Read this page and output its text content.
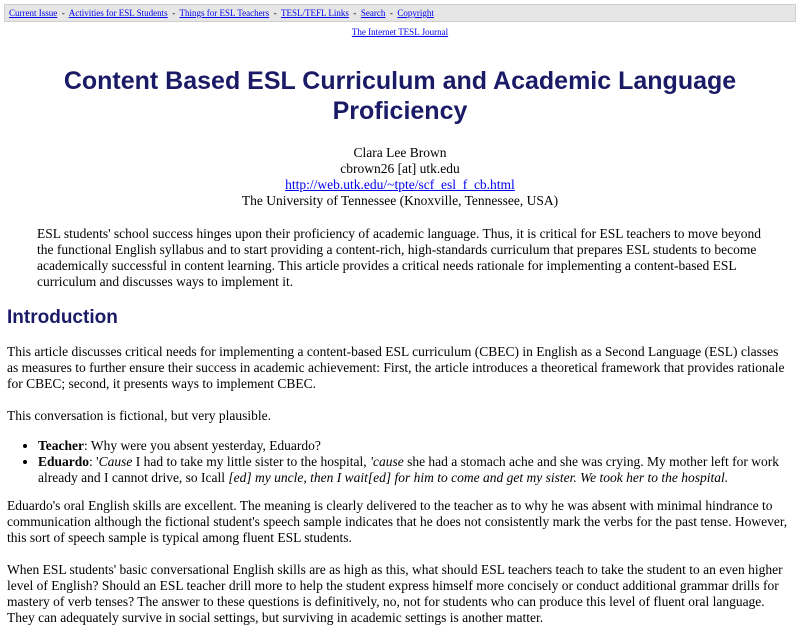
Current Issue  -  Activities for ESL Students  -  Things for ESL Teachers  -  TESL/TEFL Links  -  Search  -  Copyright
The Internet TESL Journal
Content Based ESL Curriculum and Academic Language Proficiency
Clara Lee Brown
cbrown26 [at] utk.edu
http://web.utk.edu/~tpte/scf_esl_f_cb.html
The University of Tennessee (Knoxville, Tennessee, USA)
ESL students' school success hinges upon their proficiency of academic language. Thus, it is critical for ESL teachers to move beyond the functional English syllabus and to start providing a content-rich, high-standards curriculum that prepares ESL students to become academically successful in content learning. This article provides a critical needs rationale for implementing a content-based ESL curriculum and discusses ways to implement it.
Introduction

This article discusses critical needs for implementing a content-based ESL curriculum (CBEC) in English as a Second Language (ESL) classes as measures to further ensure their success in academic achievement: First, the article introduces a theoretical framework that provides rationale for CBEC; second, it presents ways to implement CBEC.

This conversation is fictional, but very plausible.

• Teacher: Why were you absent yesterday, Eduardo?
• Eduardo: 'Cause I had to take my little sister to the hospital, 'cause she had a stomach ache and she was crying. My mother left for work already and I cannot drive, so Icall [ed] my uncle, then I wait[ed] for him to come and get my sister. We took her to the hospital.

Eduardo's oral English skills are excellent. The meaning is clearly delivered to the teacher as to why he was absent with minimal hindrance to communication although the fictional student's speech sample indicates that he does not consistently mark the verbs for the past tense. However, this sort of speech sample is typical among fluent ESL students.

When ESL students' basic conversational English skills are as high as this, what should ESL teachers teach to take the student to an even higher level of English? Should an ESL teacher drill more to help the student express himself more concisely or conduct additional grammar drills for mastery of verb tenses? The answer to these questions is definitively, no, not for students who can produce this level of fluent oral language. They can adequately survive in social settings, but surviving in academic settings is another matter.
